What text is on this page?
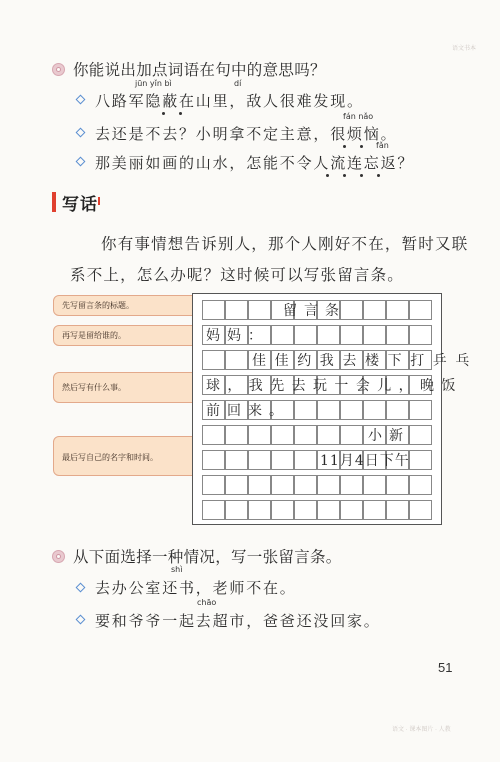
语文书本
你能说出加点词语在句中的意思吗？
jūn yǐn bì	dí
八路军隐蔽在山里，敌人很难发现。
fán nǎo
去还是不去？小明拿不定主意，很烦恼。
fǎn
那美丽如画的山水，怎能不令人流连忘返？
写话
你有事情想告诉别人，那个人刚好不在，暂时又联
系不上，怎么办呢？这时候可以写张留言条。
先写留言条的标题。
再写是留给谁的。
然后写有什么事。
最后写自己的名字和时间。
留言条
妈妈：
佳佳约我去楼下打乒乓
球，我先去玩一会儿，晚饭
前回来。
小新
11月4日下午
从下面选择一种情况，写一张留言条。
shì
去办公室还书，老师不在。
chāo
要和爷爷一起去超市，爸爸还没回家。
51
语文 · 课本图片 · 人教
